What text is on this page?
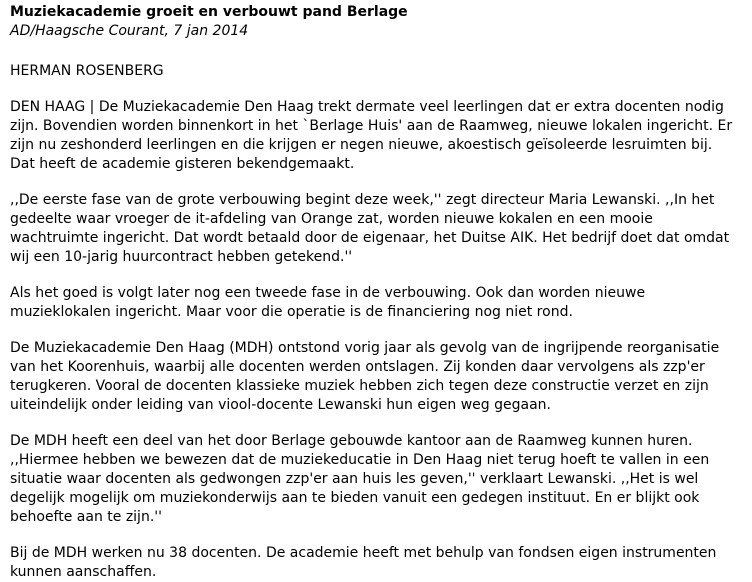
Muziekacademie groeit en verbouwt pand Berlage

AD/Haagsche Courant, 7 jan 2014

HERMAN ROSENBERG

DEN HAAG | De Muziekacademie Den Haag trekt dermate veel leerlingen dat er extra docenten nodig zijn. Bovendien worden binnenkort in het `Berlage Huis' aan de Raamweg, nieuwe lokalen ingericht. Er zijn nu zeshonderd leerlingen en die krijgen er negen nieuwe, akoestisch geïsoleerde lesruimten bij. Dat heeft de academie gisteren bekendgemaakt.

,,De eerste fase van de grote verbouwing begint deze week,'' zegt directeur Maria Lewanski. ,,In het gedeelte waar vroeger de it-afdeling van Orange zat, worden nieuwe kokalen en een mooie wachtruimte ingericht. Dat wordt betaald door de eigenaar, het Duitse AIK. Het bedrijf doet dat omdat wij een 10-jarig huurcontract hebben getekend.''

Als het goed is volgt later nog een tweede fase in de verbouwing. Ook dan worden nieuwe muzieklokalen ingericht. Maar voor die operatie is de financiering nog niet rond.

De Muziekacademie Den Haag (MDH) ontstond vorig jaar als gevolg van de ingrijpende reorganisatie van het Koorenhuis, waarbij alle docenten werden ontslagen. Zij konden daar vervolgens als zzp'er terugkeren. Vooral de docenten klassieke muziek hebben zich tegen deze constructie verzet en zijn uiteindelijk onder leiding van viool-docente Lewanski hun eigen weg gegaan.

De MDH heeft een deel van het door Berlage gebouwde kantoor aan de Raamweg kunnen huren. ,,Hiermee hebben we bewezen dat de muziekeducatie in Den Haag niet terug hoeft te vallen in een situatie waar docenten als gedwongen zzp'er aan huis les geven,'' verklaart Lewanski. ,,Het is wel degelijk mogelijk om muziekonderwijs aan te bieden vanuit een gedegen instituut. En er blijkt ook behoefte aan te zijn.''

Bij de MDH werken nu 38 docenten. De academie heeft met behulp van fondsen eigen instrumenten kunnen aanschaffen.
